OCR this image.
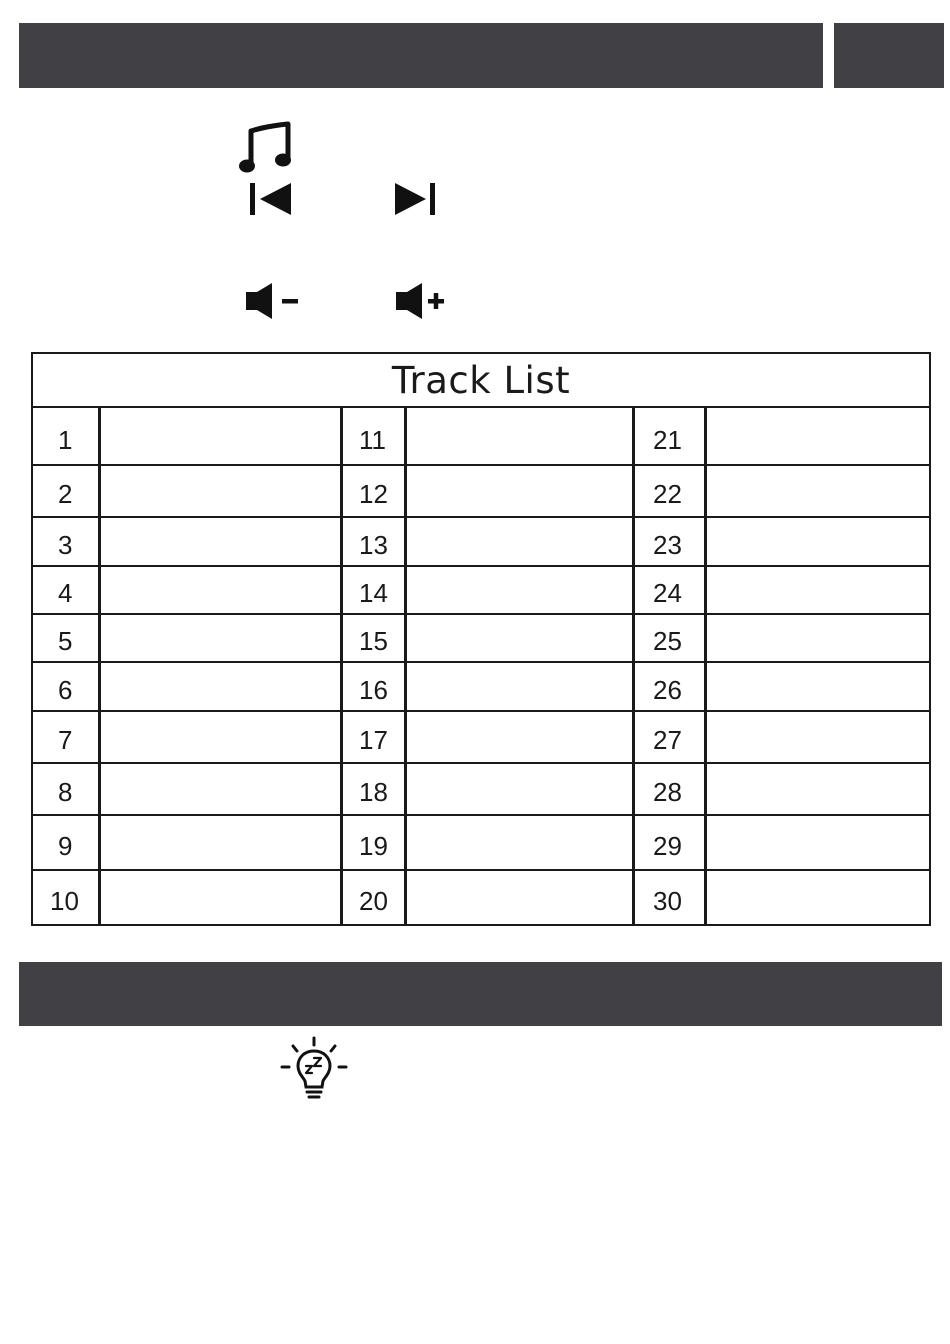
Track List
1
2
3
4
5
6
7
8
9
10
11
12
13
14
15
16
17
18
19
20
21
22
23
24
25
26
27
28
29
30
